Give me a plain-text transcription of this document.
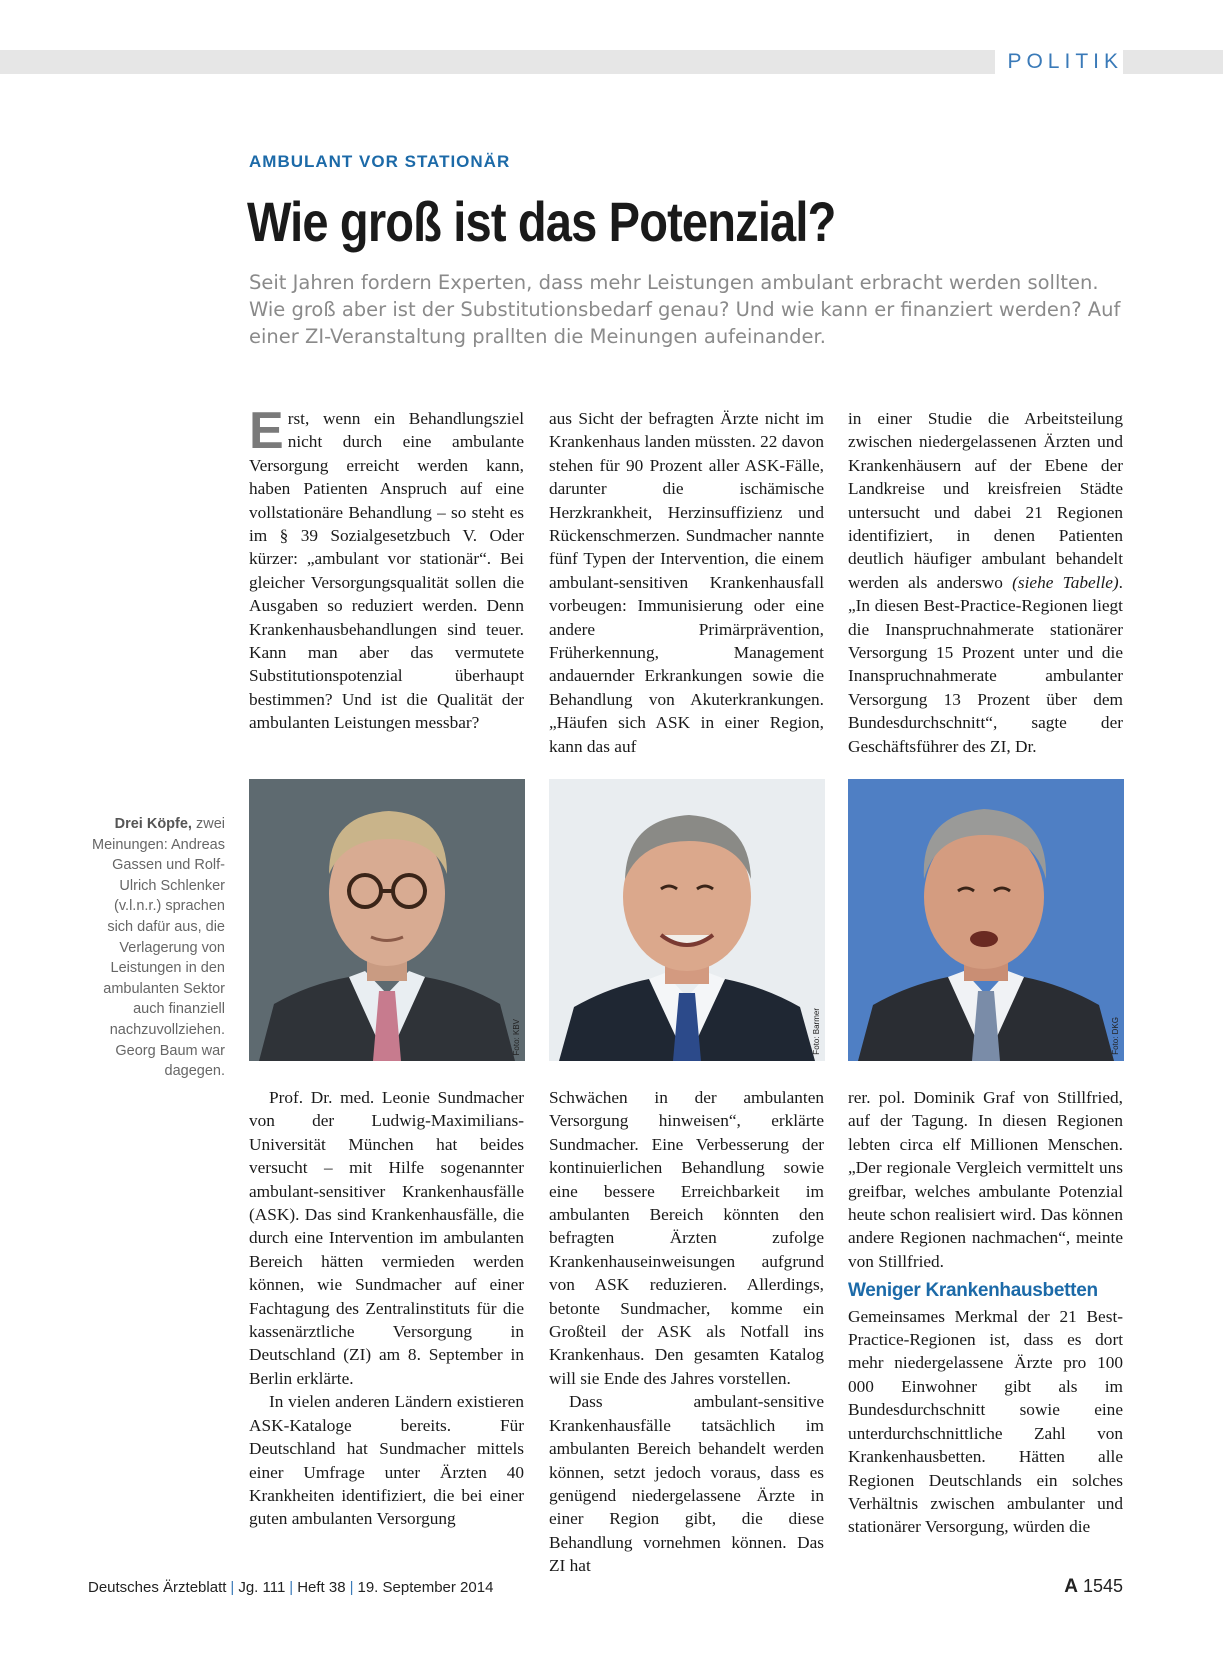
POLITIK
AMBULANT VOR STATIONÄR
Wie groß ist das Potenzial?

Seit Jahren fordern Experten, dass mehr Leistungen ambulant erbracht werden sollten. Wie groß aber ist der Substitutionsbedarf genau? Und wie kann er finanziert werden? Auf einer ZI-Veranstaltung prallten die Meinungen aufeinander.

Erst, wenn ein Behandlungsziel nicht durch eine ambulante Versorgung erreicht werden kann, haben Patienten Anspruch auf eine vollstationäre Behandlung – so steht es im § 39 Sozialgesetzbuch V. Oder kürzer: „ambulant vor stationär“. Bei gleicher Versorgungsqualität sollen die Ausgaben so reduziert werden. Denn Krankenhausbehandlungen sind teuer. Kann man aber das vermutete Substitutionspotenzial überhaupt bestimmen? Und ist die Qualität der ambulanten Leistungen messbar?

aus Sicht der befragten Ärzte nicht im Krankenhaus landen müssten. 22 davon stehen für 90 Prozent aller ASK-Fälle, darunter die ischämische Herzkrankheit, Herzinsuffizienz und Rückenschmerzen. Sundmacher nannte fünf Typen der Intervention, die einem ambulant-sensitiven Krankenhausfall vorbeugen: Immunisierung oder eine andere Primärprävention, Früherkennung, Management andauernder Erkrankungen sowie die Behandlung von Akuterkrankungen. „Häufen sich ASK in einer Region, kann das auf

in einer Studie die Arbeitsteilung zwischen niedergelassenen Ärzten und Krankenhäusern auf der Ebene der Landkreise und kreisfreien Städte untersucht und dabei 21 Regionen identifiziert, in denen Patienten deutlich häufiger ambulant behandelt werden als anderswo (siehe Tabelle). „In diesen Best-Practice-Regionen liegt die Inanspruchnahmerate stationärer Versorgung 15 Prozent unter und die Inanspruchnahmerate ambulanter Versorgung 13 Prozent über dem Bundesdurchschnitt“, sagte der Geschäftsführer des ZI, Dr.

Drei Köpfe, zwei Meinungen: Andreas Gassen und Rolf-Ulrich Schlenker (v.l.n.r.) sprachen sich dafür aus, die Verlagerung von Leistungen in den ambulanten Sektor auch finanziell nachzuvollziehen. Georg Baum war dagegen.

Foto: KBV	Foto: Barmer	Foto: DKG

Prof. Dr. med. Leonie Sundmacher von der Ludwig-Maximilians-Universität München hat beides versucht – mit Hilfe sogenannter ambulant-sensitiver Krankenhausfälle (ASK). Das sind Krankenhausfälle, die durch eine Intervention im ambulanten Bereich hätten vermieden werden können, wie Sundmacher auf einer Fachtagung des Zentralinstituts für die kassenärztliche Versorgung in Deutschland (ZI) am 8. September in Berlin erklärte.

In vielen anderen Ländern existieren ASK-Kataloge bereits. Für Deutschland hat Sundmacher mittels einer Umfrage unter Ärzten 40 Krankheiten identifiziert, die bei einer guten ambulanten Versorgung

Schwächen in der ambulanten Versorgung hinweisen“, erklärte Sundmacher. Eine Verbesserung der kontinuierlichen Behandlung sowie eine bessere Erreichbarkeit im ambulanten Bereich könnten den befragten Ärzten zufolge Krankenhauseinweisungen aufgrund von ASK reduzieren. Allerdings, betonte Sundmacher, komme ein Großteil der ASK als Notfall ins Krankenhaus. Den gesamten Katalog will sie Ende des Jahres vorstellen.

Dass ambulant-sensitive Krankenhausfälle tatsächlich im ambulanten Bereich behandelt werden können, setzt jedoch voraus, dass es genügend niedergelassene Ärzte in einer Region gibt, die diese Behandlung vornehmen können. Das ZI hat

rer. pol. Dominik Graf von Stillfried, auf der Tagung. In diesen Regionen lebten circa elf Millionen Menschen. „Der regionale Vergleich vermittelt uns greifbar, welches ambulante Potenzial heute schon realisiert wird. Das können andere Regionen nachmachen“, meinte von Stillfried.

Weniger Krankenhausbetten

Gemeinsames Merkmal der 21 Best-Practice-Regionen ist, dass es dort mehr niedergelassene Ärzte pro 100 000 Einwohner gibt als im Bundesdurchschnitt sowie eine unterdurchschnittliche Zahl von Krankenhausbetten. Hätten alle Regionen Deutschlands ein solches Verhältnis zwischen ambulanter und stationärer Versorgung, würden die

Deutsches Ärzteblatt | Jg. 111 | Heft 38 | 19. September 2014	A 1545
